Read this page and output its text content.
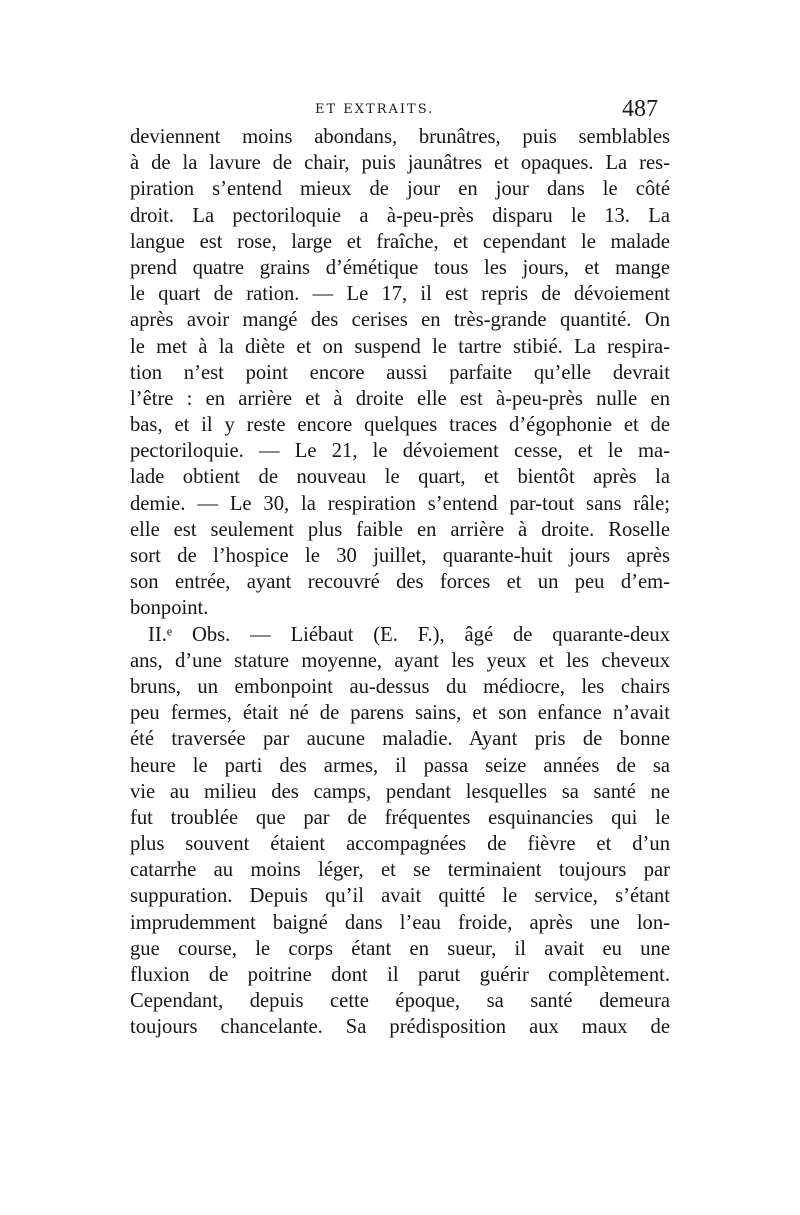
ET EXTRAITS.	487
deviennent moins abondans, brunâtres, puis semblables
à de la lavure de chair, puis jaunâtres et opaques. La res-
piration s’entend mieux de jour en jour dans le côté
droit. La pectoriloquie a à-peu-près disparu le 13. La
langue est rose, large et fraîche, et cependant le malade
prend quatre grains d’émétique tous les jours, et mange
le quart de ration. — Le 17, il est repris de dévoiement
après avoir mangé des cerises en très-grande quantité. On
le met à la diète et on suspend le tartre stibié. La respira-
tion n’est point encore aussi parfaite qu’elle devrait
l’être : en arrière et à droite elle est à-peu-près nulle en
bas, et il y reste encore quelques traces d’égophonie et de
pectoriloquie. — Le 21, le dévoiement cesse, et le ma-
lade obtient de nouveau le quart, et bientôt après la
demie. — Le 30, la respiration s’entend par-tout sans râle;
elle est seulement plus faible en arrière à droite. Roselle
sort de l’hospice le 30 juillet, quarante-huit jours après
son entrée, ayant recouvré des forces et un peu d’em-
bonpoint.
II.ᵉ Obs. — Liébaut (E. F.), âgé de quarante-deux
ans, d’une stature moyenne, ayant les yeux et les cheveux
bruns, un embonpoint au-dessus du médiocre, les chairs
peu fermes, était né de parens sains, et son enfance n’avait
été traversée par aucune maladie. Ayant pris de bonne
heure le parti des armes, il passa seize années de sa
vie au milieu des camps, pendant lesquelles sa santé ne
fut troublée que par de fréquentes esquinancies qui le
plus souvent étaient accompagnées de fièvre et d’un
catarrhe au moins léger, et se terminaient toujours par
suppuration. Depuis qu’il avait quitté le service, s’étant
imprudemment baigné dans l’eau froide, après une lon-
gue course, le corps étant en sueur, il avait eu une
fluxion de poitrine dont il parut guérir complètement.
Cependant, depuis cette époque, sa santé demeura
toujours chancelante. Sa prédisposition aux maux de
